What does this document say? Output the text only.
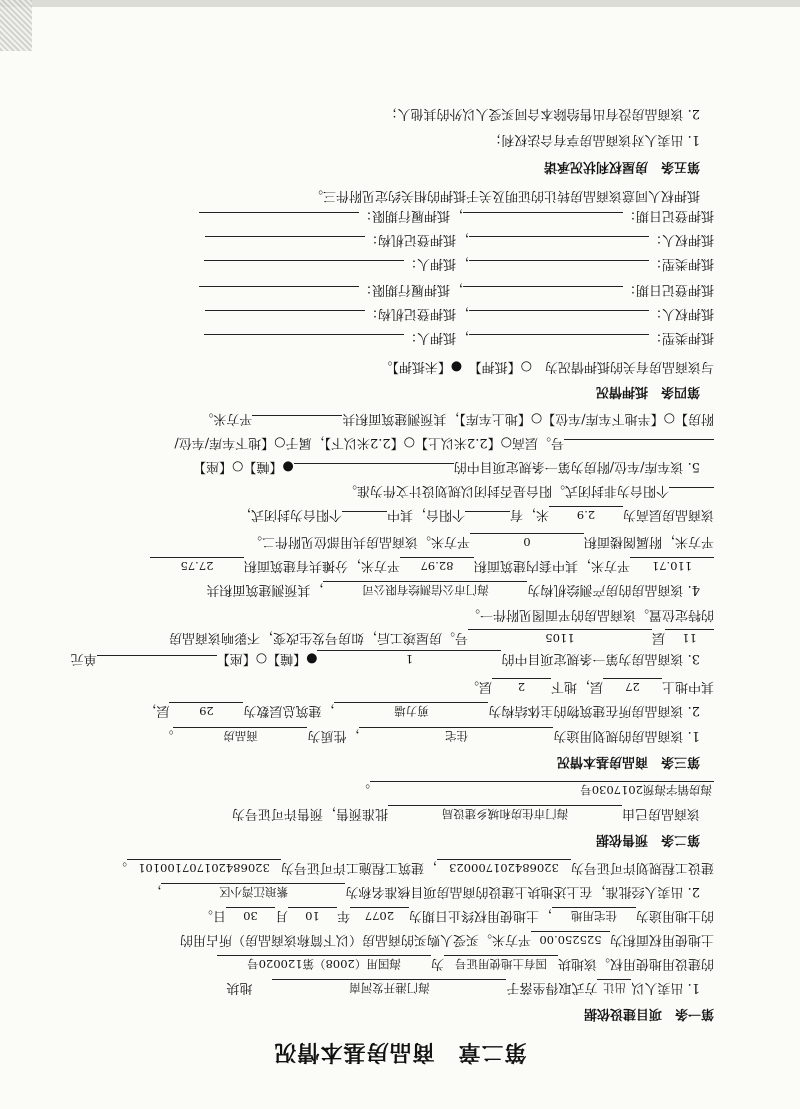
第二章　商品房基本情况
第一条　项目建设依据
1. 出卖人以出让方式取得坐落于海门港开发河南地块
的建设用地使用权。该地块国有土地使用证号为海国用（2008）第120020号
土地使用权面积为525250.00平方米。买受人购买的商品房（以下简称该商品房）所占用的
的土地用途为住宅用地，土地使用权终止日期为2077年10月30日。
2. 出卖人经批准，在上述地块上建设的商品房项目核准名称为紫琅江湾小区，
建设工程规划许可证号为320684201700023，建筑工程施工许可证号为320684201707100101。
第二条　预售依据
该商品房已由海门市住房和城乡建设局批准预售，预售许可证号为
海房销字海预2017030号。
第三条　商品房基本情况
1. 该商品房的规划用途为住宅，性质为商品房。
2. 该商品房所在建筑物的主体结构为剪力墙，建筑总层数为29层，
其中地上27层，地下2层。
3. 该商品房为第一条规定项目中的1●【幢】○【座】单元
11层1105号。房屋竣工后，如房号发生改变，不影响该商品房
的特定位置。该商品房的平面图见附件一。
4. 该商品房的房产测绘机构为海门市公信测绘有限公司，其预测建筑面积共
110.71平方米，其中套内建筑面积82.97平方米，分摊共有建筑面积27.75
平方米，附属阁楼面积0平方米。该商品房共用部位见附件二。
该商品房层高为2.9米，有个阳台，其中个阳台为封闭式，
个阳台为非封闭式。阳台是否封闭以规划设计文件为准。
5. 该车库/车位/附房为第一条规定项目中的●【幢】○【座】
号。层高○【2.2米以上】○【2.2米以下】，属于○【地下车库/车位/
附房】○【半地下车库/车位】○【地上车库】，其预测建筑面积共平方米。
第四条　抵押情况
与该商品房有关的抵押情况为　○【抵押】　●【未抵押】。
抵押类型：，抵押人：
抵押权人：，抵押登记机构：
抵押登记日期：，抵押履行期限：
抵押类型：，抵押人：
抵押权人：，抵押登记机构：
抵押登记日期：，抵押履行期限：
抵押权人同意该商品房转让的证明及关于抵押的相关约定见附件三。
第五条　房屋权利状况承诺
1. 出卖人对该商品房享有合法权利；
2. 该商品房没有出售给除本合同买受人以外的其他人；
